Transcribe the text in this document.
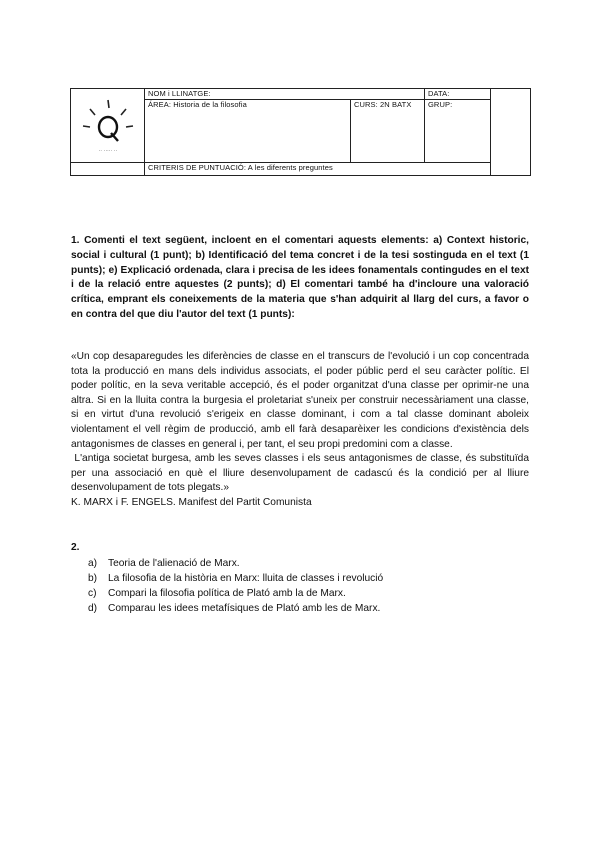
·· ····· ··	NOM i LLINATGE:		DATA:	
	ÁREA: Historia de la filosofia	CURS: 2N BATX	GRUP:	
	CRITERIS DE PUNTUACIÓ: A les diferents preguntes			

1. Comenti el text següent, incloent en el comentari aquests elements: a) Context historic, social i cultural (1 punt); b) Identificació del tema concret i de la tesi sostinguda en el text (1 punts); e) Explicació ordenada, clara i precisa de les idees fonamentals contingudes en el text i de la relació entre aquestes (2 punts); d) El comentari també ha d'incloure una valoració crítica, emprant els coneixements de la materia que s'han adquirit al llarg del curs, a favor o en contra del que diu l'autor del text (1 punts):

«Un cop desaparegudes les diferències de classe en el transcurs de l'evolució i un cop concentrada tota la producció en mans dels individus associats, el poder públic perd el seu caràcter polític. El poder polític, en la seva veritable accepció, és el poder organitzat d'una classe per oprimir-ne una altra. Si en la lluita contra la burgesia el proletariat s'uneix per construir necessàriament una classe, si en virtut d'una revolució s'erigeix en classe dominant, i com a tal classe dominant aboleix violentament el vell règim de producció, amb ell farà desaparèixer les condicions d'existència dels antagonismes de classes en general i, per tant, el seu propi predomini com a classe.

L'antiga societat burgesa, amb les seves classes i els seus antagonismes de classe, és substituïda per una associació en què el lliure desenvolupament de cadascú és la condició per al lliure desenvolupament de tots plegats.»

K. MARX i F. ENGELS. Manifest del Partit Comunista

2.

a)	Teoria de l'alienació de Marx.
b)	La filosofia de la història en Marx: lluita de classes i revolució
c)	Compari la filosofia política de Plató amb la de Marx.
d)	Comparau les idees metafísiques de Plató amb les de Marx.
